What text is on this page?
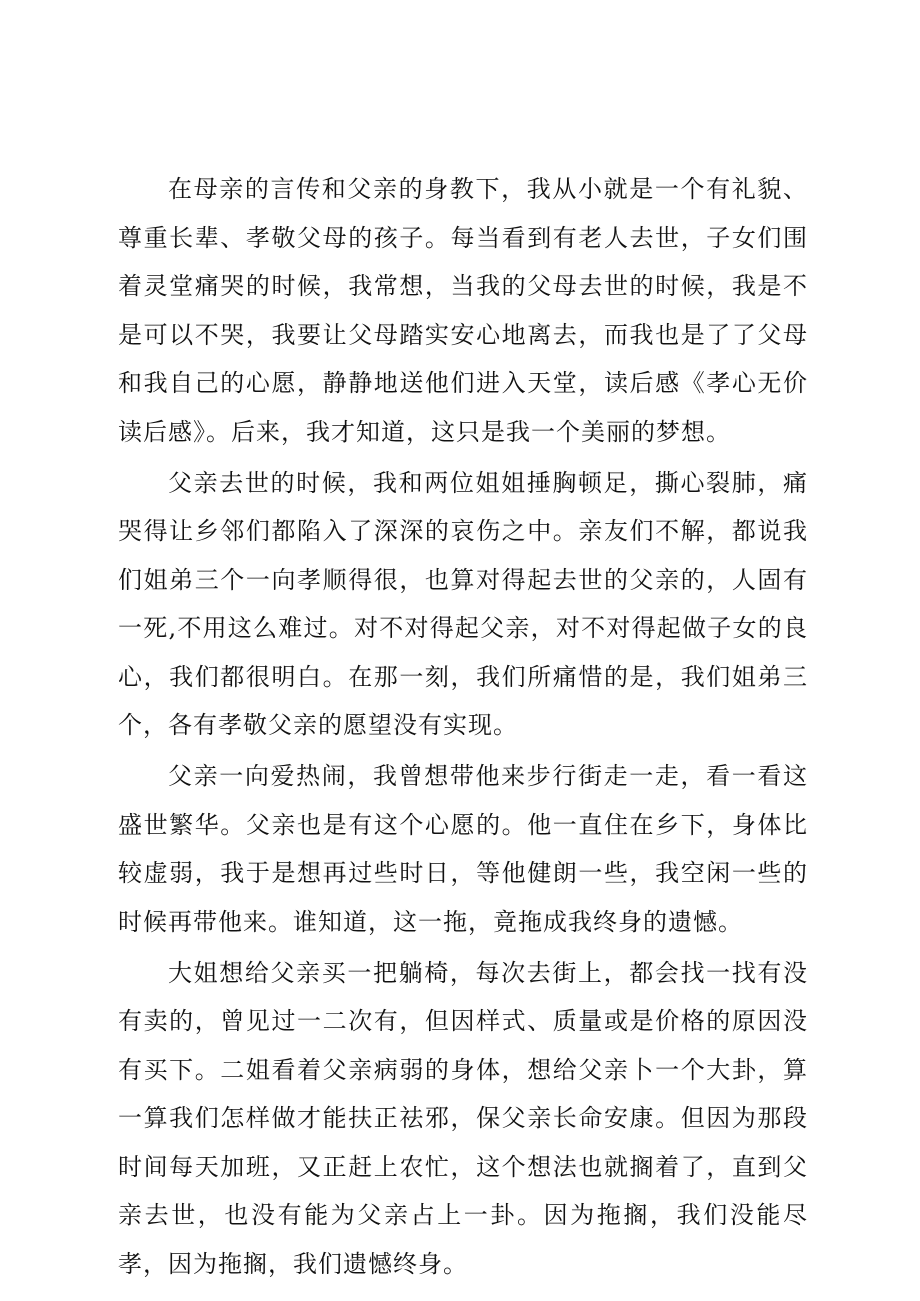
在母亲的言传和父亲的身教下，我从小就是一个有礼貌、尊重长辈、孝敬父母的孩子。每当看到有老人去世，子女们围着灵堂痛哭的时候，我常想，当我的父母去世的时候，我是不是可以不哭，我要让父母踏实安心地离去，而我也是了了父母和我自己的心愿，静静地送他们进入天堂，读后感《孝心无价读后感》。后来，我才知道，这只是我一个美丽的梦想。

父亲去世的时候，我和两位姐姐捶胸顿足，撕心裂肺，痛哭得让乡邻们都陷入了深深的哀伤之中。亲友们不解，都说我们姐弟三个一向孝顺得很，也算对得起去世的父亲的，人固有一死,不用这么难过。对不对得起父亲，对不对得起做子女的良心，我们都很明白。在那一刻，我们所痛惜的是，我们姐弟三个，各有孝敬父亲的愿望没有实现。

父亲一向爱热闹，我曾想带他来步行街走一走，看一看这盛世繁华。父亲也是有这个心愿的。他一直住在乡下，身体比较虚弱，我于是想再过些时日，等他健朗一些，我空闲一些的时候再带他来。谁知道，这一拖，竟拖成我终身的遗憾。

大姐想给父亲买一把躺椅，每次去街上，都会找一找有没有卖的，曾见过一二次有，但因样式、质量或是价格的原因没有买下。二姐看着父亲病弱的身体，想给父亲卜一个大卦，算一算我们怎样做才能扶正祛邪，保父亲长命安康。但因为那段时间每天加班，又正赶上农忙，这个想法也就搁着了，直到父亲去世，也没有能为父亲占上一卦。因为拖搁，我们没能尽孝，因为拖搁，我们遗憾终身。
